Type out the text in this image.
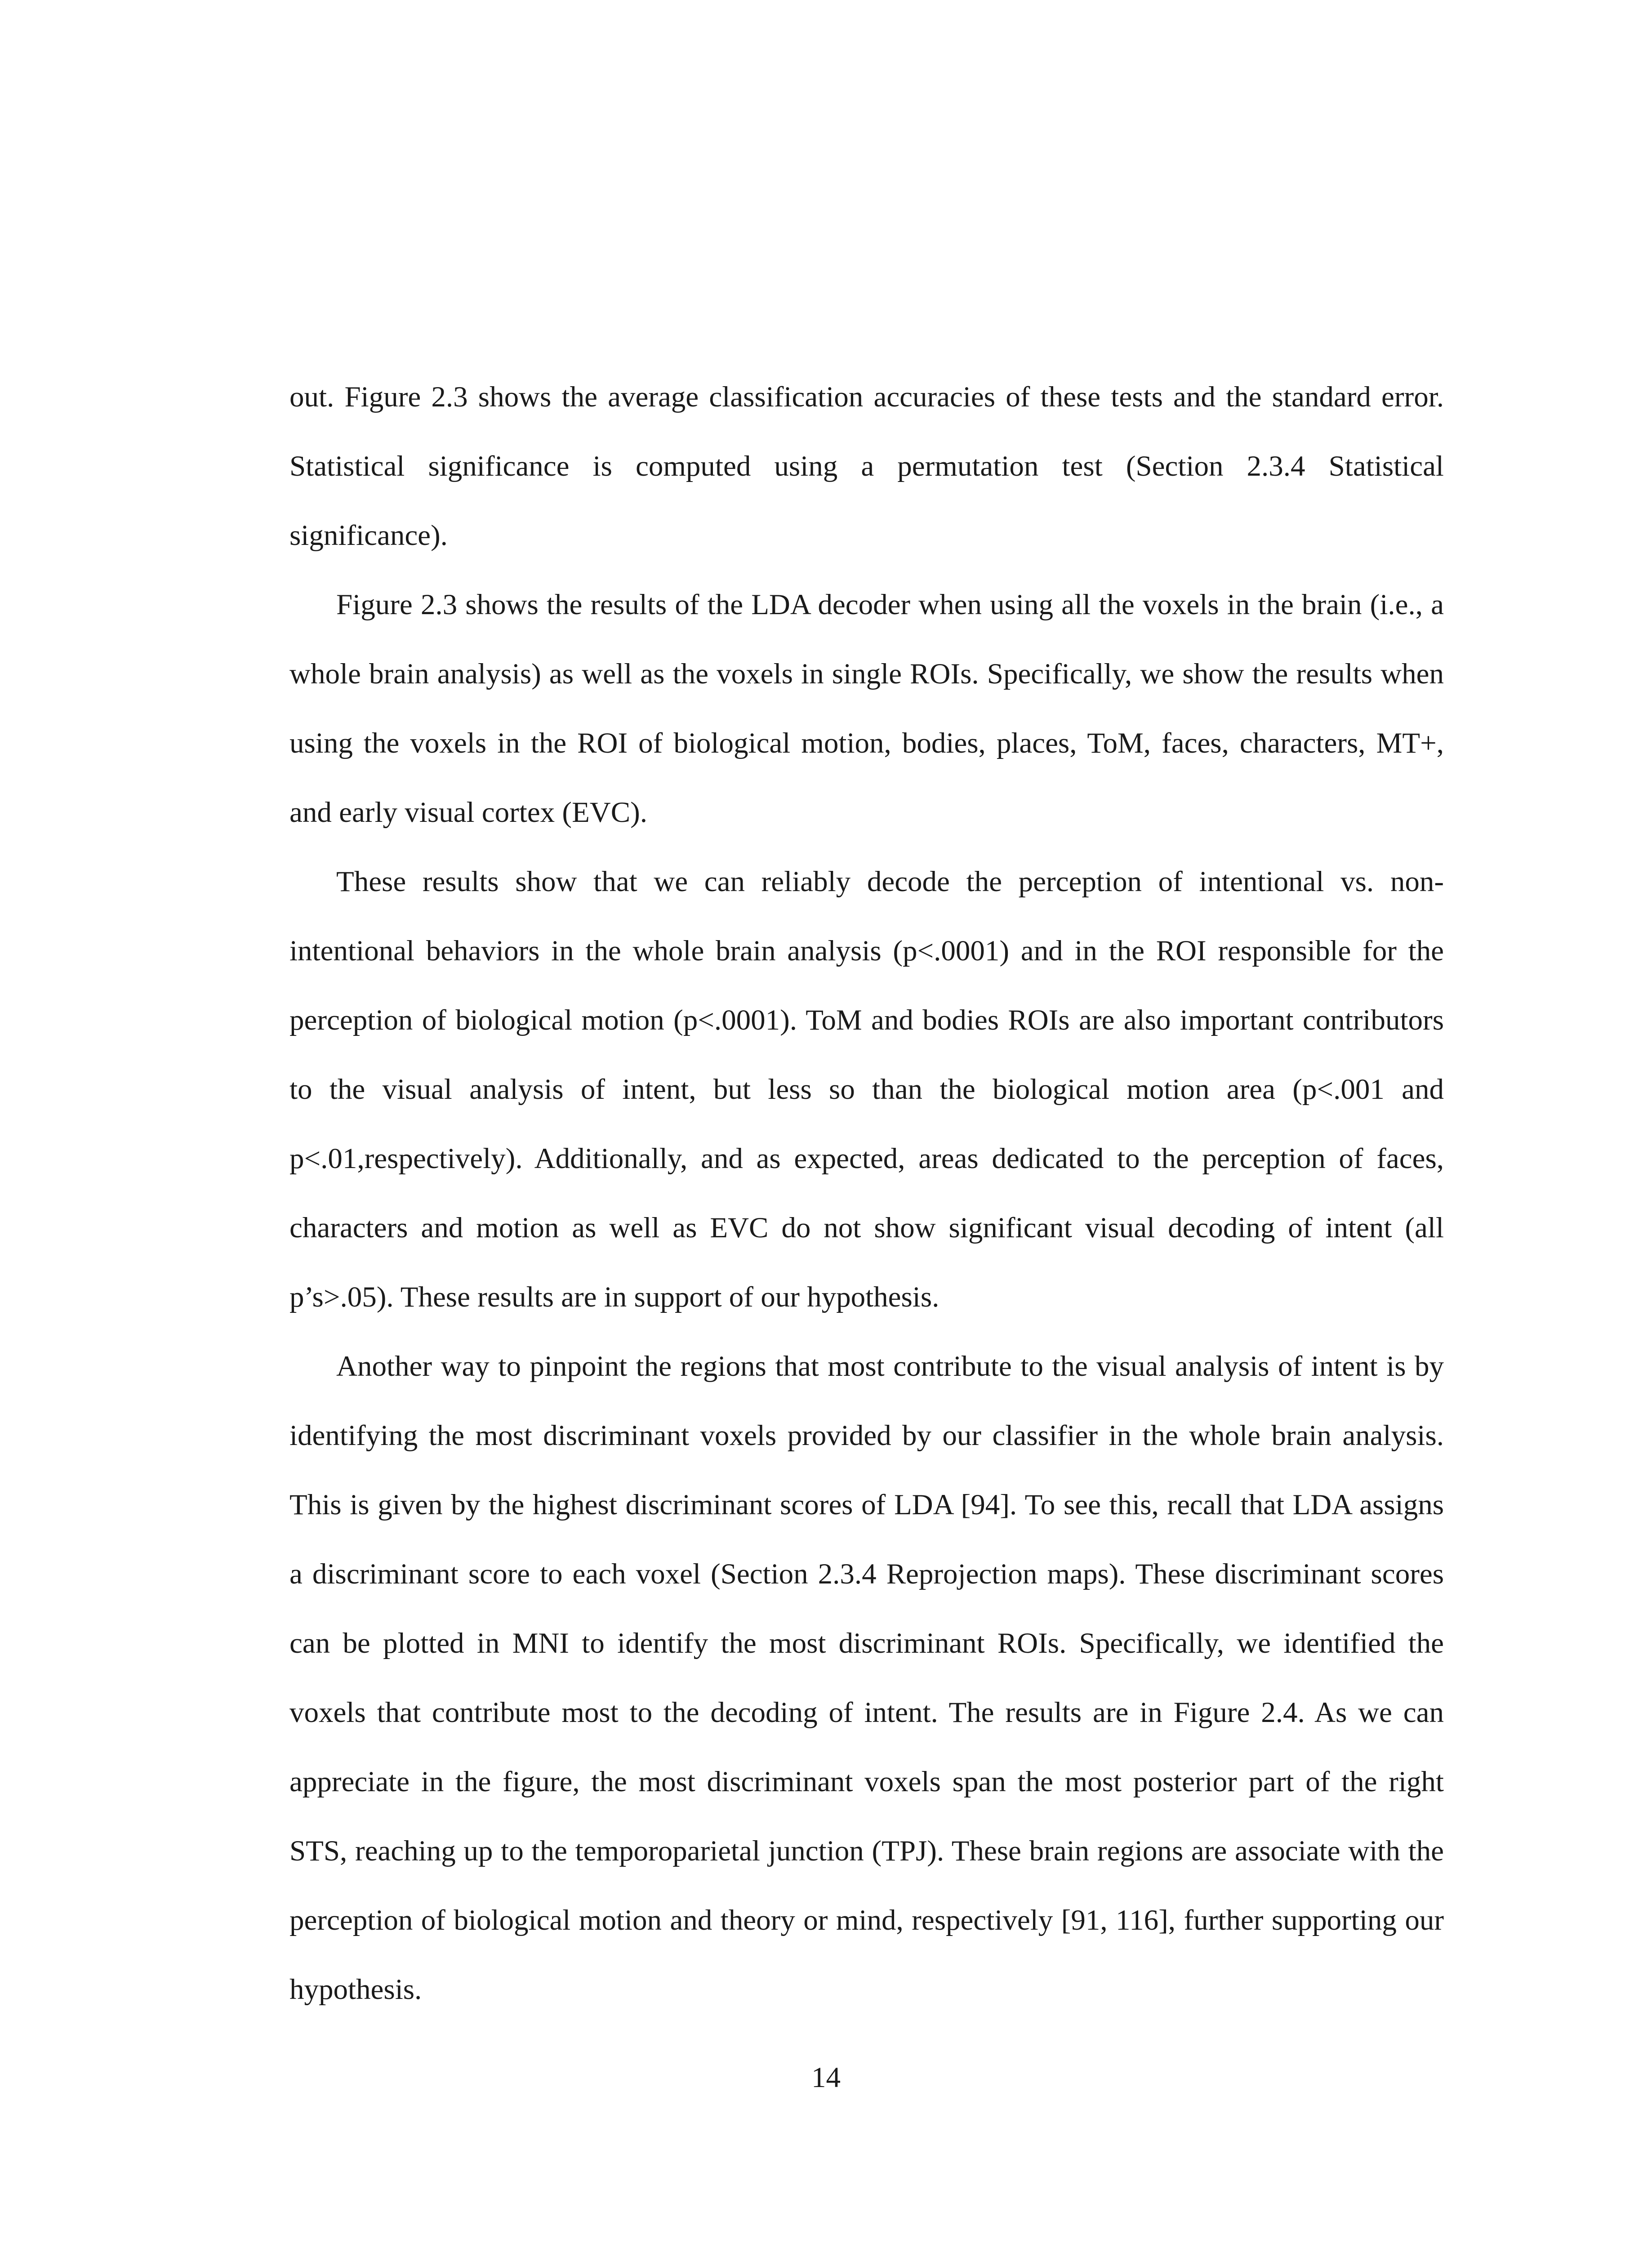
out. Figure 2.3 shows the average classification accuracies of these tests and the standard error. Statistical significance is computed using a permutation test (Section 2.3.4 Statistical significance).

Figure 2.3 shows the results of the LDA decoder when using all the voxels in the brain (i.e., a whole brain analysis) as well as the voxels in single ROIs. Specifically, we show the results when using the voxels in the ROI of biological motion, bodies, places, ToM, faces, characters, MT+, and early visual cortex (EVC).

These results show that we can reliably decode the perception of intentional vs. non-intentional behaviors in the whole brain analysis (p<.0001) and in the ROI responsible for the perception of biological motion (p<.0001). ToM and bodies ROIs are also important contributors to the visual analysis of intent, but less so than the biological motion area (p<.001 and p<.01,respectively). Additionally, and as expected, areas dedicated to the perception of faces, characters and motion as well as EVC do not show significant visual decoding of intent (all p’s>.05). These results are in support of our hypothesis.

Another way to pinpoint the regions that most contribute to the visual analysis of intent is by identifying the most discriminant voxels provided by our classifier in the whole brain analysis. This is given by the highest discriminant scores of LDA [94]. To see this, recall that LDA assigns a discriminant score to each voxel (Section 2.3.4 Reprojection maps). These discriminant scores can be plotted in MNI to identify the most discriminant ROIs. Specifically, we identified the voxels that contribute most to the decoding of intent. The results are in Figure 2.4. As we can appreciate in the figure, the most discriminant voxels span the most posterior part of the right STS, reaching up to the temporoparietal junction (TPJ). These brain regions are associate with the perception of biological motion and theory or mind, respectively [91, 116], further supporting our hypothesis.

14
